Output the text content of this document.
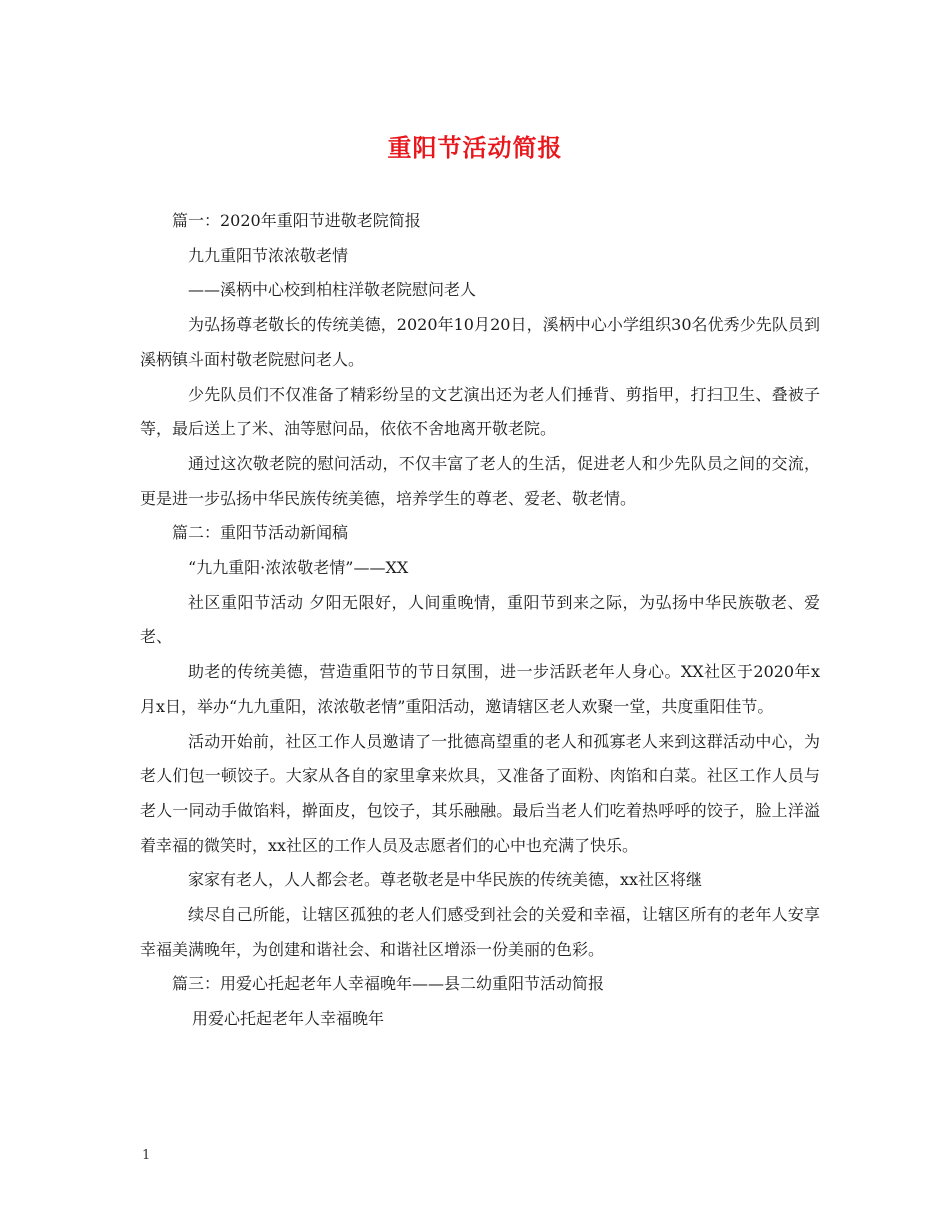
重阳节活动简报

篇一：2020年重阳节进敬老院简报

九九重阳节浓浓敬老情

——溪柄中心校到柏柱洋敬老院慰问老人

为弘扬尊老敬长的传统美德，2020年10月20日，溪柄中心小学组织30名优秀少先队员到溪柄镇斗面村敬老院慰问老人。

少先队员们不仅准备了精彩纷呈的文艺演出还为老人们捶背、剪指甲，打扫卫生、叠被子等，最后送上了米、油等慰问品，依依不舍地离开敬老院。

通过这次敬老院的慰问活动，不仅丰富了老人的生活，促进老人和少先队员之间的交流，更是进一步弘扬中华民族传统美德，培养学生的尊老、爱老、敬老情。

篇二：重阳节活动新闻稿

“九九重阳·浓浓敬老情”——XX

社区重阳节活动 夕阳无限好，人间重晚情，重阳节到来之际，为弘扬中华民族敬老、爱老、

助老的传统美德，营造重阳节的节日氛围，进一步活跃老年人身心。XX社区于2020年x月x日，举办“九九重阳，浓浓敬老情”重阳活动，邀请辖区老人欢聚一堂，共度重阳佳节。

活动开始前，社区工作人员邀请了一批德高望重的老人和孤寡老人来到这群活动中心，为老人们包一顿饺子。大家从各自的家里拿来炊具，又准备了面粉、肉馅和白菜。社区工作人员与老人一同动手做馅料，擀面皮，包饺子，其乐融融。最后当老人们吃着热呼呼的饺子，脸上洋溢着幸福的微笑时，xx社区的工作人员及志愿者们的心中也充满了快乐。

家家有老人，人人都会老。尊老敬老是中华民族的传统美德，xx社区将继

续尽自己所能，让辖区孤独的老人们感受到社会的关爱和幸福，让辖区所有的老年人安享幸福美满晚年，为创建和谐社会、和谐社区增添一份美丽的色彩。

篇三：用爱心托起老年人幸福晚年——县二幼重阳节活动简报

用爱心托起老年人幸福晚年

1
